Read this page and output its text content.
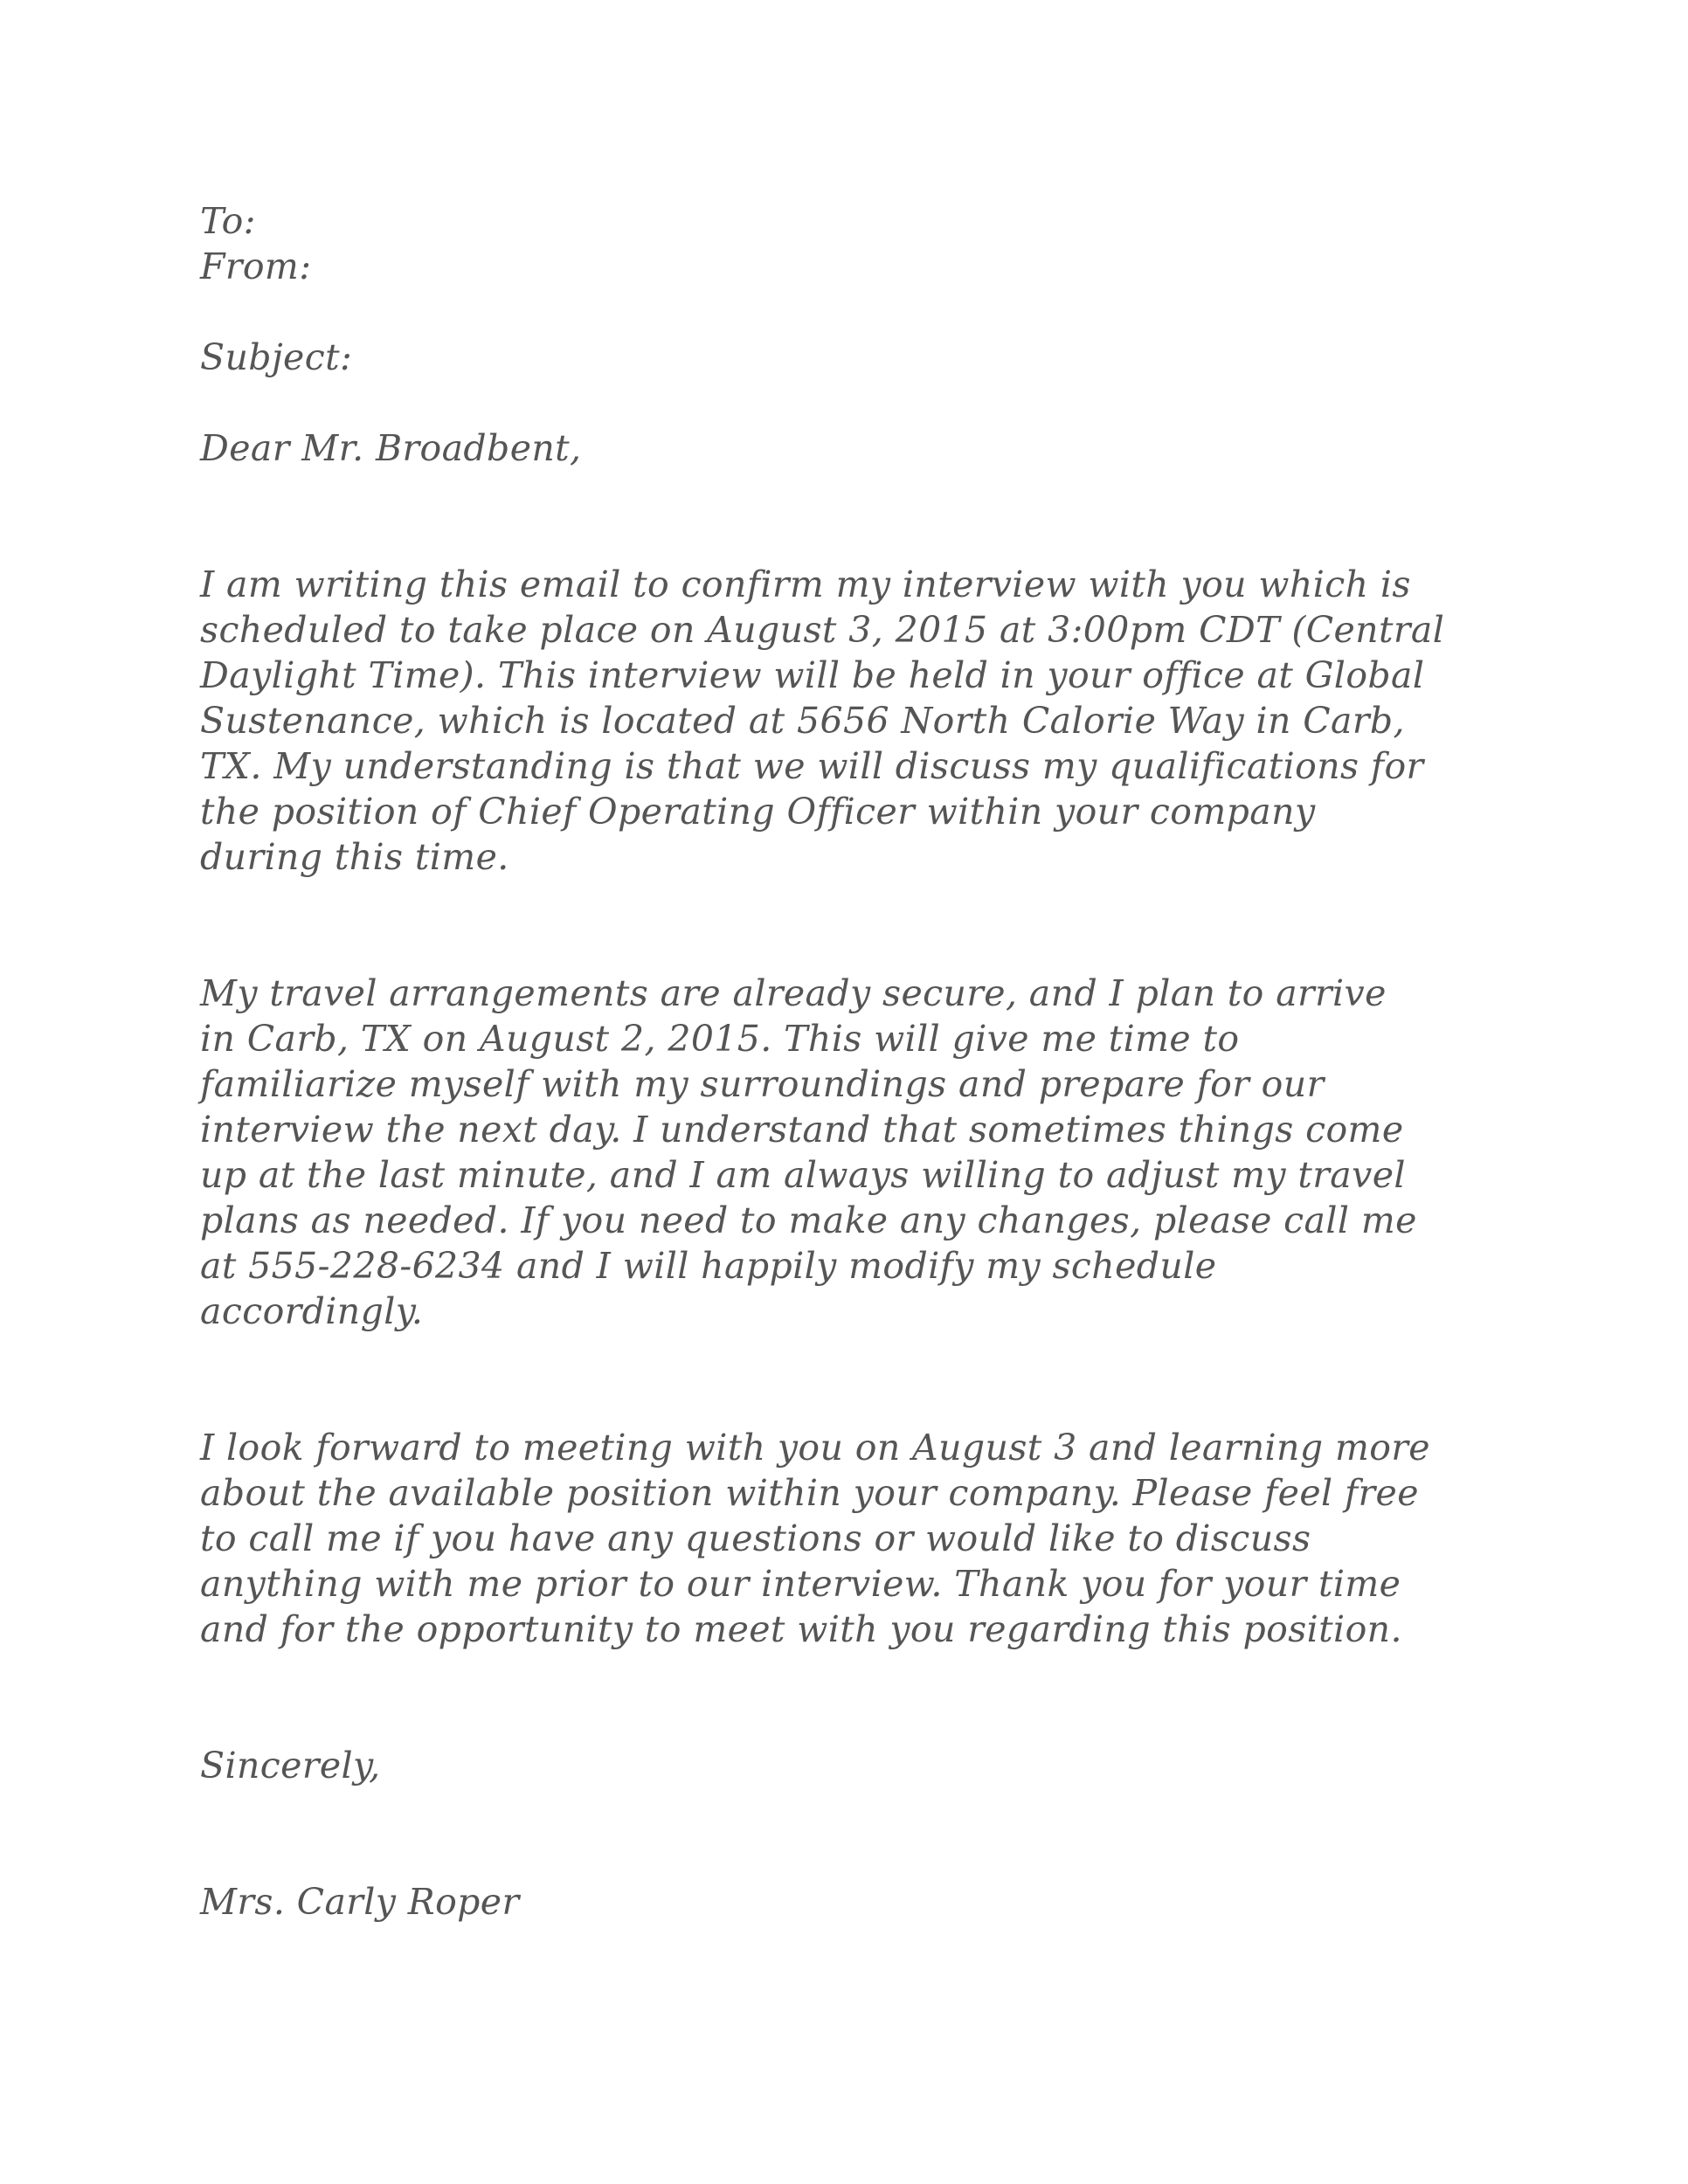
To:
From:
Subject:
Dear Mr. Broadbent,
I am writing this email to confirm my interview with you which is
scheduled to take place on August 3, 2015 at 3:00pm CDT (Central
Daylight Time). This interview will be held in your office at Global
Sustenance, which is located at 5656 North Calorie Way in Carb,
TX. My understanding is that we will discuss my qualifications for
the position of Chief Operating Officer within your company
during this time.
My travel arrangements are already secure, and I plan to arrive
in Carb, TX on August 2, 2015. This will give me time to
familiarize myself with my surroundings and prepare for our
interview the next day. I understand that sometimes things come
up at the last minute, and I am always willing to adjust my travel
plans as needed. If you need to make any changes, please call me
at 555-228-6234 and I will happily modify my schedule
accordingly.
I look forward to meeting with you on August 3 and learning more
about the available position within your company. Please feel free
to call me if you have any questions or would like to discuss
anything with me prior to our interview. Thank you for your time
and for the opportunity to meet with you regarding this position.
Sincerely,
Mrs. Carly Roper
